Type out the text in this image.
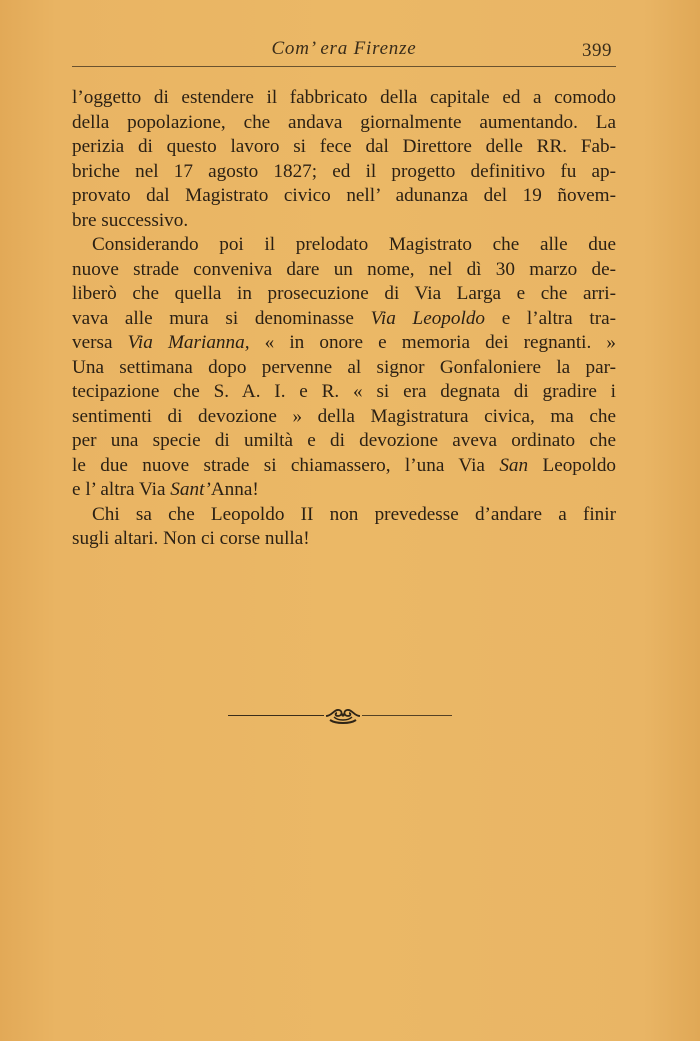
Com’ era Firenze	399

l’oggetto di estendere il fabbricato della capitale ed a comodo
della popolazione, che andava giornalmente aumentando. La
perizia di questo lavoro si fece dal Direttore delle RR. Fab-
briche nel 17 agosto 1827; ed il progetto definitivo fu ap-
provato dal Magistrato civico nell’ adunanza del 19 ñovem-
bre successivo.

Considerando poi il prelodato Magistrato che alle due
nuove strade conveniva dare un nome, nel dì 30 marzo de-
liberò che quella in prosecuzione di Via Larga e che arri-
vava alle mura si denominasse Via Leopoldo e l’altra tra-
versa Via Marianna, « in onore e memoria dei regnanti. »
Una settimana dopo pervenne al signor Gonfaloniere la par-
tecipazione che S. A. I. e R. « si era degnata di gradire i
sentimenti di devozione » della Magistratura civica, ma che
per una specie di umiltà e di devozione aveva ordinato che
le due nuove strade si chiamassero, l’una Via San Leopoldo
e l’ altra Via Sant’Anna!

Chi sa che Leopoldo II non prevedesse d’andare a finir
sugli altari. Non ci corse nulla!
